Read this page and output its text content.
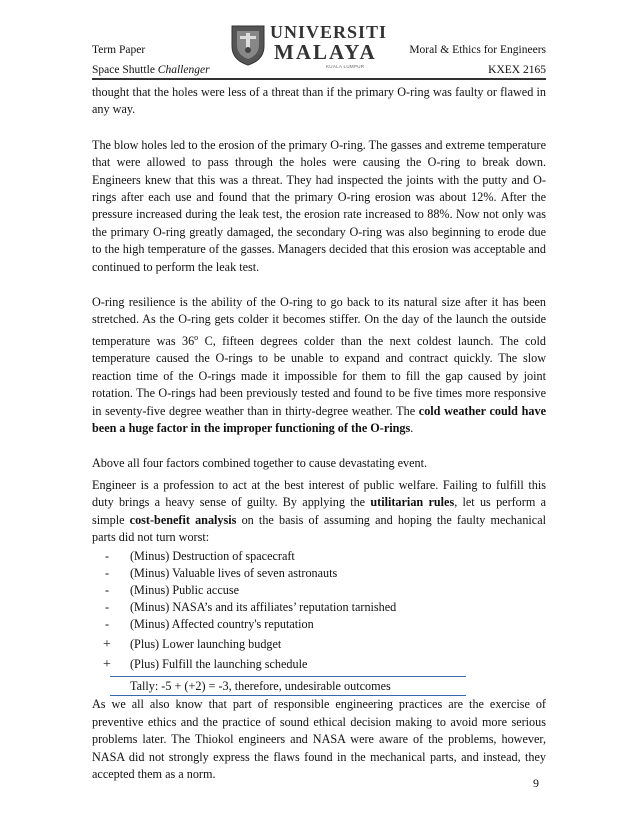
Term Paper	Moral & Ethics for Engineers
Space Shuttle Challenger	KXEX 2165
UNIVERSITI
MALAYA
KUALA LUMPUR

thought that the holes were less of a threat than if the primary O-ring was faulty or flawed in any way.

The blow holes led to the erosion of the primary O-ring. The gasses and extreme temperature that were allowed to pass through the holes were causing the O-ring to break down. Engineers knew that this was a threat. They had inspected the joints with the putty and O-rings after each use and found that the primary O-ring erosion was about 12%. After the pressure increased during the leak test, the erosion rate increased to 88%. Now not only was the primary O-ring greatly damaged, the secondary O-ring was also beginning to erode due to the high temperature of the gasses. Managers decided that this erosion was acceptable and continued to perform the leak test.

O-ring resilience is the ability of the O-ring to go back to its natural size after it has been stretched. As the O-ring gets colder it becomes stiffer. On the day of the launch the outside temperature was 36$^o$ C, fifteen degrees colder than the next coldest launch. The cold temperature caused the O-rings to be unable to expand and contract quickly. The slow reaction time of the O-rings made it impossible for them to fill the gap caused by joint rotation. The O-rings had been previously tested and found to be five times more responsive in seventy-five degree weather than in thirty-degree weather. The cold weather could have been a huge factor in the improper functioning of the O-rings.

Above all four factors combined together to cause devastating event.

Engineer is a profession to act at the best interest of public welfare. Failing to fulfill this duty brings a heavy sense of guilty. By applying the utilitarian rules, let us perform a simple cost-benefit analysis on the basis of assuming and hoping the faulty mechanical parts did not turn worst:

- (Minus) Destruction of spacecraft
- (Minus) Valuable lives of seven astronauts
- (Minus) Public accuse
- (Minus) NASA’s and its affiliates’ reputation tarnished
- (Minus) Affected country's reputation
+ (Plus) Lower launching budget
+ (Plus) Fulfill the launching schedule
Tally: -5 + (+2) = -3, therefore, undesirable outcomes

As we all also know that part of responsible engineering practices are the exercise of preventive ethics and the practice of sound ethical decision making to avoid more serious problems later. The Thiokol engineers and NASA were aware of the problems, however, NASA did not strongly express the flaws found in the mechanical parts, and instead, they accepted them as a norm.

9
